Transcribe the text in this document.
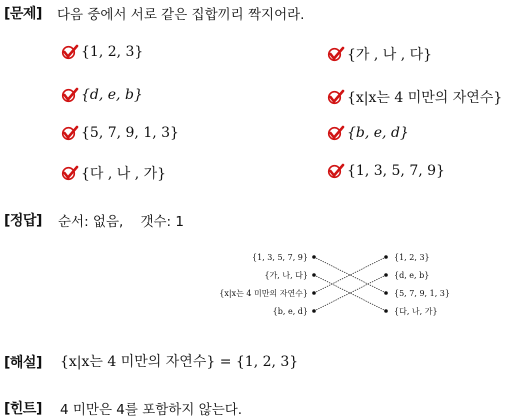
[문제] 다음 중에서 서로 같은 집합끼리 짝지어라.
{1, 2, 3}
{d, e, b}
{5, 7, 9, 1, 3}
{다 , 나 , 가}
{가 , 나 , 다}
{x|x는 4 미만의 자연수}
{b, e, d}
{1, 3, 5, 7, 9}
[정답] 순서: 없음,    갯수: 1
{1, 3, 5, 7, 9}
{가, 나, 다}
{x|x는 4 미만의 자연수}
{b, e, d}
{1, 2, 3}
{d, e, b}
{5, 7, 9, 1, 3}
{다, 나, 가}
[해설] {x|x는 4 미만의 자연수} = {1, 2, 3}
[힌트] 4 미만은 4를 포함하지 않는다.
